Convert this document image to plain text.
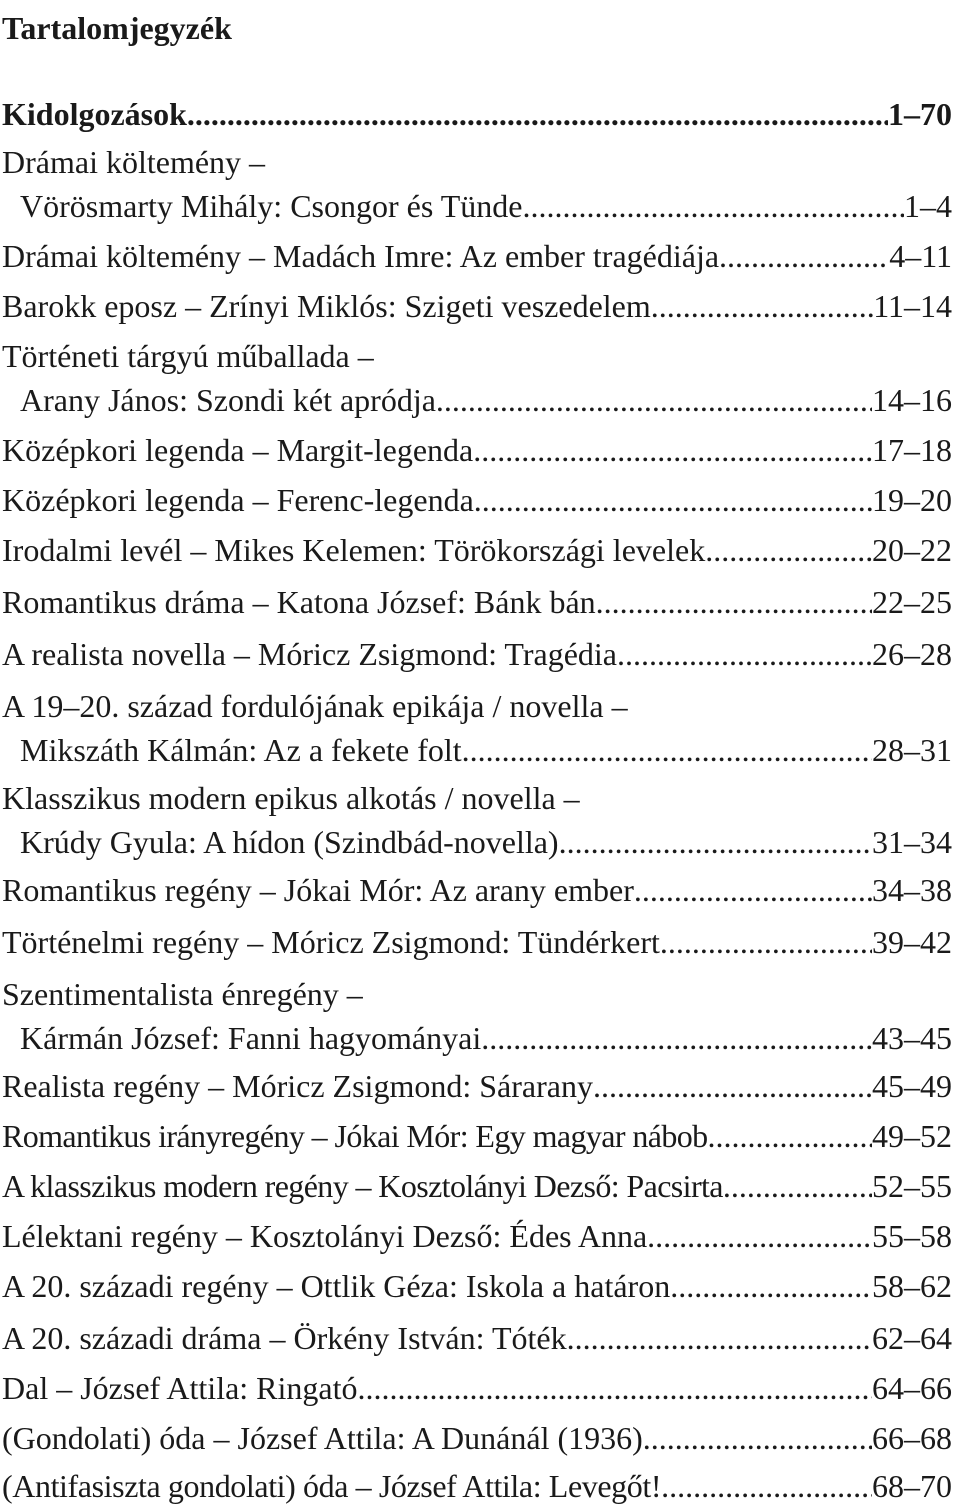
Tartalomjegyzék
Kidolgozások .....	1–70
Drámai költemény –
Vörösmarty Mihály: Csongor és Tünde .....	1–4
Drámai költemény – Madách Imre: Az ember tragédiája .....	4–11
Barokk eposz – Zrínyi Miklós: Szigeti veszedelem .....	11–14
Történeti tárgyú műballada –
Arany János: Szondi két apródja .....	14–16
Középkori legenda – Margit-legenda .....	17–18
Középkori legenda – Ferenc-legenda .....	19–20
Irodalmi levél – Mikes Kelemen: Törökországi levelek .....	20–22
Romantikus dráma – Katona József: Bánk bán .....	22–25
A realista novella – Móricz Zsigmond: Tragédia .....	26–28
A 19–20. század fordulójának epikája / novella –
Mikszáth Kálmán: Az a fekete folt .....	28–31
Klasszikus modern epikus alkotás / novella –
Krúdy Gyula: A hídon (Szindbád-novella) .....	31–34
Romantikus regény – Jókai Mór: Az arany ember .....	34–38
Történelmi regény – Móricz Zsigmond: Tündérkert .....	39–42
Szentimentalista énregény –
Kármán József: Fanni hagyományai .....	43–45
Realista regény – Móricz Zsigmond: Sárarany .....	45–49
Romantikus irányregény – Jókai Mór: Egy magyar nábob .....	49–52
A klasszikus modern regény – Kosztolányi Dezső: Pacsirta .....	52–55
Lélektani regény – Kosztolányi Dezső: Édes Anna .....	55–58
A 20. századi regény – Ottlik Géza: Iskola a határon .....	58–62
A 20. századi dráma – Örkény István: Tóték .....	62–64
Dal – József Attila: Ringató .....	64–66
(Gondolati) óda – József Attila: A Dunánál (1936) .....	66–68
(Antifasiszta gondolati) óda – József Attila: Levegőt! .....	68–70
